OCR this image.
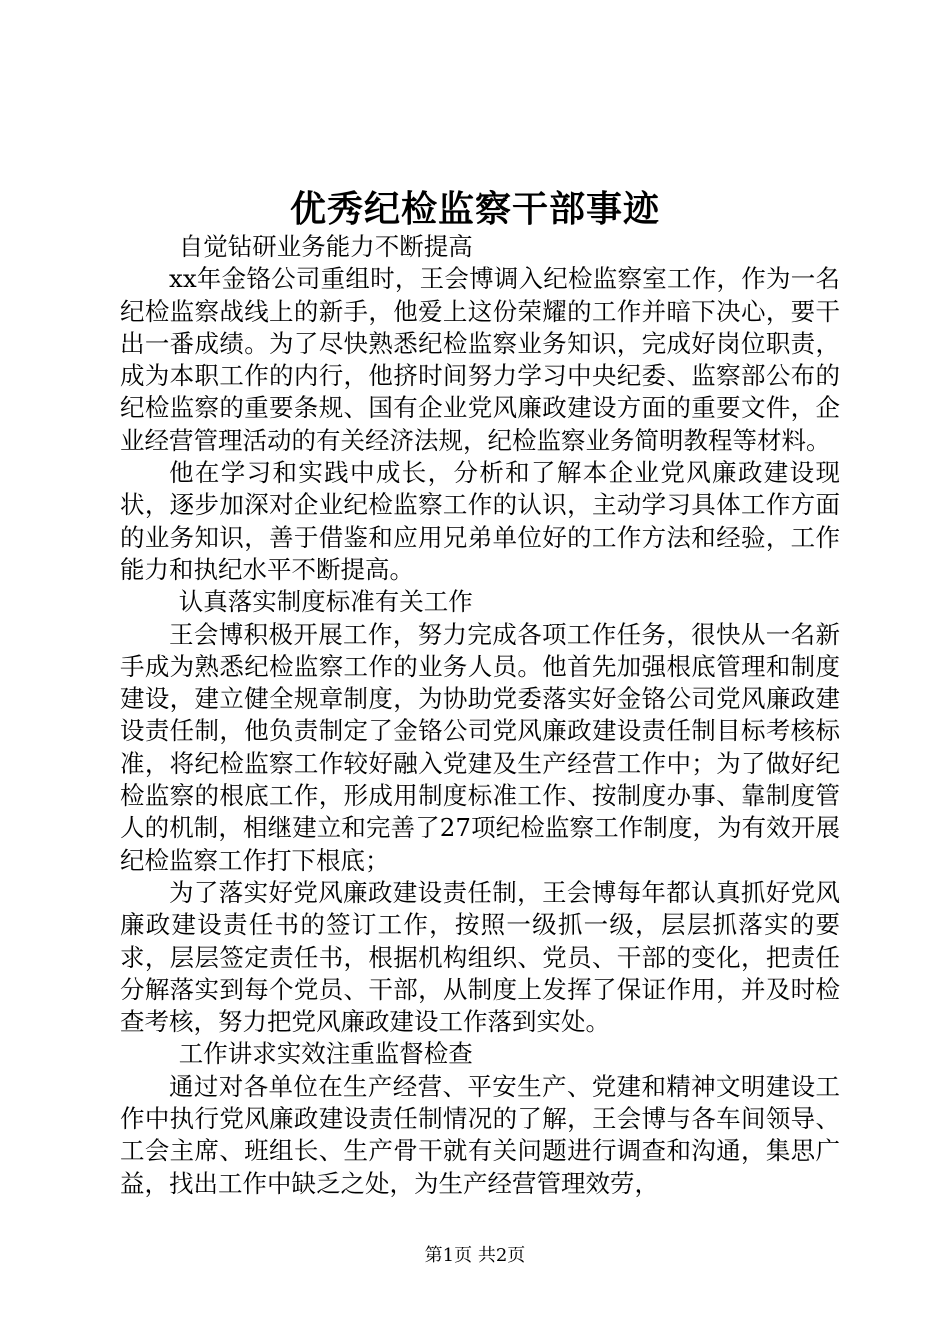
优秀纪检监察干部事迹

自觉钻研业务能力不断提高

xx年金铬公司重组时，王会博调入纪检监察室工作，作为一名纪检监察战线上的新手，他爱上这份荣耀的工作并暗下决心，要干出一番成绩。为了尽快熟悉纪检监察业务知识，完成好岗位职责，成为本职工作的内行，他挤时间努力学习中央纪委、监察部公布的纪检监察的重要条规、国有企业党风廉政建设方面的重要文件，企业经营管理活动的有关经济法规，纪检监察业务简明教程等材料。

他在学习和实践中成长，分析和了解本企业党风廉政建设现状，逐步加深对企业纪检监察工作的认识，主动学习具体工作方面的业务知识，善于借鉴和应用兄弟单位好的工作方法和经验，工作能力和执纪水平不断提高。

认真落实制度标准有关工作

王会博积极开展工作，努力完成各项工作任务，很快从一名新手成为熟悉纪检监察工作的业务人员。他首先加强根底管理和制度建设，建立健全规章制度，为协助党委落实好金铬公司党风廉政建设责任制，他负责制定了金铬公司党风廉政建设责任制目标考核标准，将纪检监察工作较好融入党建及生产经营工作中；为了做好纪检监察的根底工作，形成用制度标准工作、按制度办事、靠制度管人的机制，相继建立和完善了27项纪检监察工作制度，为有效开展纪检监察工作打下根底；

为了落实好党风廉政建设责任制，王会博每年都认真抓好党风廉政建设责任书的签订工作，按照一级抓一级，层层抓落实的要求，层层签定责任书，根据机构组织、党员、干部的变化，把责任分解落实到每个党员、干部，从制度上发挥了保证作用，并及时检查考核，努力把党风廉政建设工作落到实处。

工作讲求实效注重监督检查

通过对各单位在生产经营、平安生产、党建和精神文明建设工作中执行党风廉政建设责任制情况的了解，王会博与各车间领导、工会主席、班组长、生产骨干就有关问题进行调查和沟通，集思广益，找出工作中缺乏之处，为生产经营管理效劳，

第1页 共2页
